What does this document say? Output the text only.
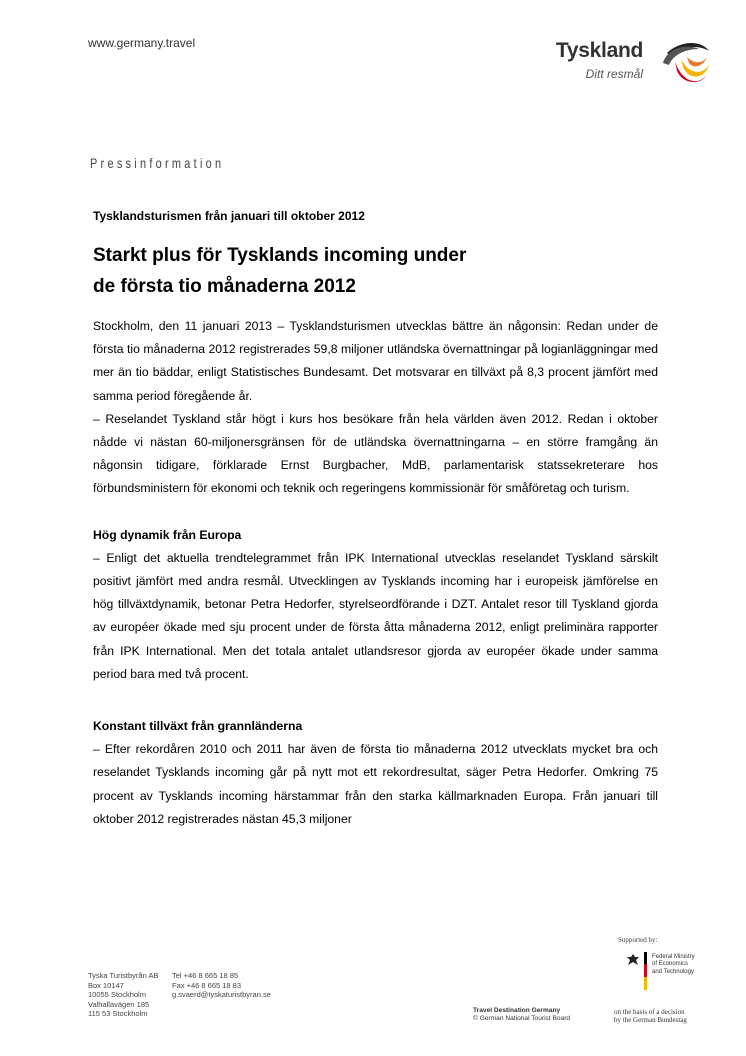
www.germany.travel	Tyskland
Ditt resmål
Pressinformation
Tysklandsturismen från januari till oktober 2012
Starkt plus för Tysklands incoming under
de första tio månaderna 2012

Stockholm, den 11 januari 2013 – Tysklandsturismen utvecklas bättre än någonsin: Redan under de första tio månaderna 2012 registrerades 59,8 miljoner utländska övernattningar på logianläggningar med mer än tio bäddar, enligt Statistisches Bundesamt. Det motsvarar en tillväxt på 8,3 procent jämfört med samma period föregående år.

– Reselandet Tyskland står högt i kurs hos besökare från hela världen även 2012. Redan i oktober nådde vi nästan 60-miljonersgränsen för de utländska övernattningarna – en större framgång än någonsin tidigare, förklarade Ernst Burgbacher, MdB, parlamentarisk statssekreterare hos förbundsministern för ekonomi och teknik och regeringens kommissionär för småföretag och turism.

Hög dynamik från Europa

– Enligt det aktuella trendtelegrammet från IPK International utvecklas reselandet Tyskland särskilt positivt jämfört med andra resmål. Utvecklingen av Tysklands incoming har i europeisk jämförelse en hög tillväxtdynamik, betonar Petra Hedorfer, styrelseordförande i DZT. Antalet resor till Tyskland gjorda av européer ökade med sju procent under de första åtta månaderna 2012, enligt preliminära rapporter från IPK International. Men det totala antalet utlandsresor gjorda av européer ökade under samma period bara med två procent.

Konstant tillväxt från grannländerna

– Efter rekordåren 2010 och 2011 har även de första tio månaderna 2012 utvecklats mycket bra och reselandet Tysklands incoming går på nytt mot ett rekordresultat, säger Petra Hedorfer. Omkring 75 procent av Tysklands incoming härstammar från den starka källmarknaden Europa. Från januari till oktober 2012 registrerades nästan 45,3 miljoner

Tyska Turistbyrån AB
Box 10147
10055 Stockholm
Valhallavägen 185
115 53 Stockholm
Tel +46 8 665 18 85
Fax +46 8 665 18 83
g.svaerd@tyskaturistbyran.se
Supported by:
Federal Ministry
of Economics
and Technology
Travel Destination Germany
© German National Tourist Board
on the basis of a decision
by the German Bundestag
